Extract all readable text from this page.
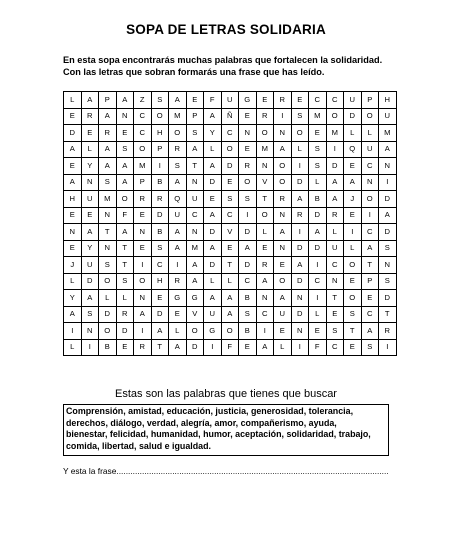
SOPA DE LETRAS SOLIDARIA
En esta sopa encontrarás muchas palabras que fortalecen la solidaridad.
Con las letras que sobran formarás una frase que has leído.
L	A	P	A	Z	S	A	E	F	U	G	E	R	E	C	C	U	P	H
E	R	A	N	C	O	M	P	A	Ñ	E	R	I	S	M	O	D	O	U
D	E	R	E	C	H	O	S	Y	C	N	O	N	O	E	M	L	L	M
A	L	A	S	O	P	R	A	L	O	E	M	A	L	S	I	Q	U	A
E	Y	A	A	M	I	S	T	A	D	R	N	O	I	S	D	E	C	N
A	N	S	A	P	B	A	N	D	E	O	V	O	D	L	A	A	N	I
H	U	M	O	R	R	Q	U	E	S	S	T	R	A	B	A	J	O	D
E	E	N	F	E	D	U	C	A	C	I	O	N	R	D	R	E	I	A
N	A	T	A	N	B	A	N	D	V	D	L	A	I	A	L	I	C	D
E	Y	N	T	E	S	A	M	A	E	A	E	N	D	D	U	L	A	S
J	U	S	T	I	C	I	A	D	T	D	R	E	A	I	C	O	T	N
L	D	O	S	O	H	R	A	L	L	C	A	O	D	C	N	E	P	S
Y	A	L	L	N	E	G	G	A	A	B	N	A	N	I	T	O	E	D
A	S	D	R	A	D	E	V	U	A	S	C	U	D	L	E	S	C	T
I	N	O	D	I	A	L	O	G	O	B	I	E	N	E	S	T	A	R
L	I	B	E	R	T	A	D	I	F	E	A	L	I	F	C	E	S	I
Estas son las palabras que tienes que buscar
Comprensión, amistad, educación, justicia, generosidad, tolerancia,
derechos, diálogo, verdad, alegría, amor, compañerismo, ayuda,
bienestar, felicidad, humanidad, humor, aceptación, solidaridad, trabajo,
comida, libertad, salud e igualdad.
Y esta la frase.....................................................................................................................
